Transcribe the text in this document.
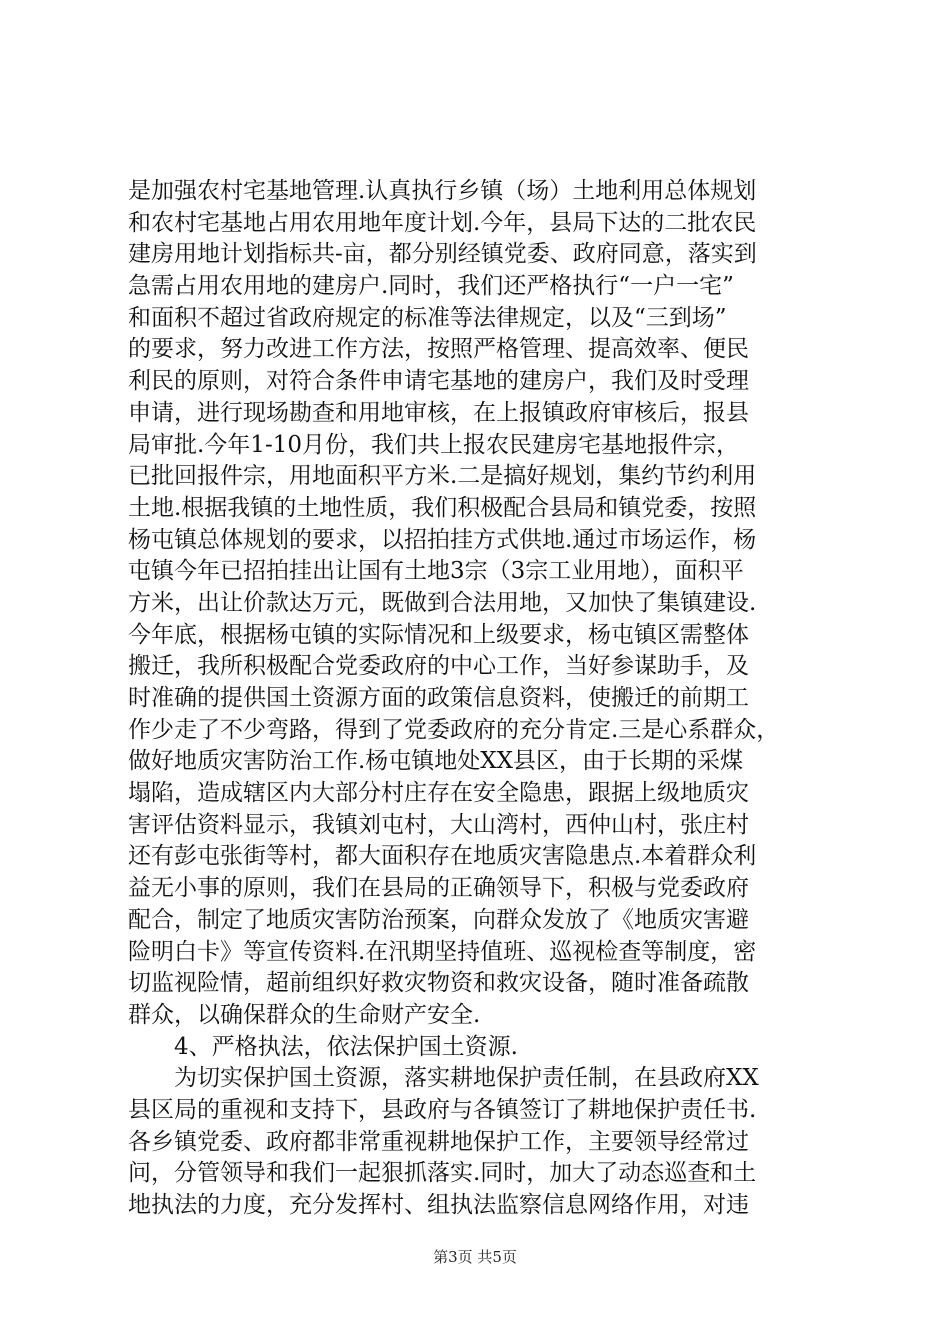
是加强农村宅基地管理.认真执行乡镇（场）土地利用总体规划
和农村宅基地占用农用地年度计划.今年，县局下达的二批农民
建房用地计划指标共-亩，都分别经镇党委、政府同意，落实到
急需占用农用地的建房户.同时，我们还严格执行“一户一宅”
和面积不超过省政府规定的标准等法律规定，以及“三到场”
的要求，努力改进工作方法，按照严格管理、提高效率、便民
利民的原则，对符合条件申请宅基地的建房户，我们及时受理
申请，进行现场勘查和用地审核，在上报镇政府审核后，报县
局审批.今年1-10月份，我们共上报农民建房宅基地报件宗，
已批回报件宗，用地面积平方米.二是搞好规划，集约节约利用
土地.根据我镇的土地性质，我们积极配合县局和镇党委，按照
杨屯镇总体规划的要求，以招拍挂方式供地.通过市场运作，杨
屯镇今年已招拍挂出让国有土地3宗（3宗工业用地），面积平
方米，出让价款达万元，既做到合法用地，又加快了集镇建设.
今年底，根据杨屯镇的实际情况和上级要求，杨屯镇区需整体
搬迁，我所积极配合党委政府的中心工作，当好参谋助手，及
时准确的提供国土资源方面的政策信息资料，使搬迁的前期工
作少走了不少弯路，得到了党委政府的充分肯定.三是心系群众，
做好地质灾害防治工作.杨屯镇地处XX县区，由于长期的采煤
塌陷，造成辖区内大部分村庄存在安全隐患，跟据上级地质灾
害评估资料显示，我镇刘屯村，大山湾村，西仲山村，张庄村
还有彭屯张街等村，都大面积存在地质灾害隐患点.本着群众利
益无小事的原则，我们在县局的正确领导下，积极与党委政府
配合，制定了地质灾害防治预案，向群众发放了《地质灾害避
险明白卡》等宣传资料.在汛期坚持值班、巡视检查等制度，密
切监视险情，超前组织好救灾物资和救灾设备，随时准备疏散
群众，以确保群众的生命财产安全.
　　4、严格执法，依法保护国土资源.
　　为切实保护国土资源，落实耕地保护责任制，在县政府XX
县区局的重视和支持下，县政府与各镇签订了耕地保护责任书.
各乡镇党委、政府都非常重视耕地保护工作，主要领导经常过
问，分管领导和我们一起狠抓落实.同时，加大了动态巡查和土
地执法的力度，充分发挥村、组执法监察信息网络作用，对违
第3页 共5页
